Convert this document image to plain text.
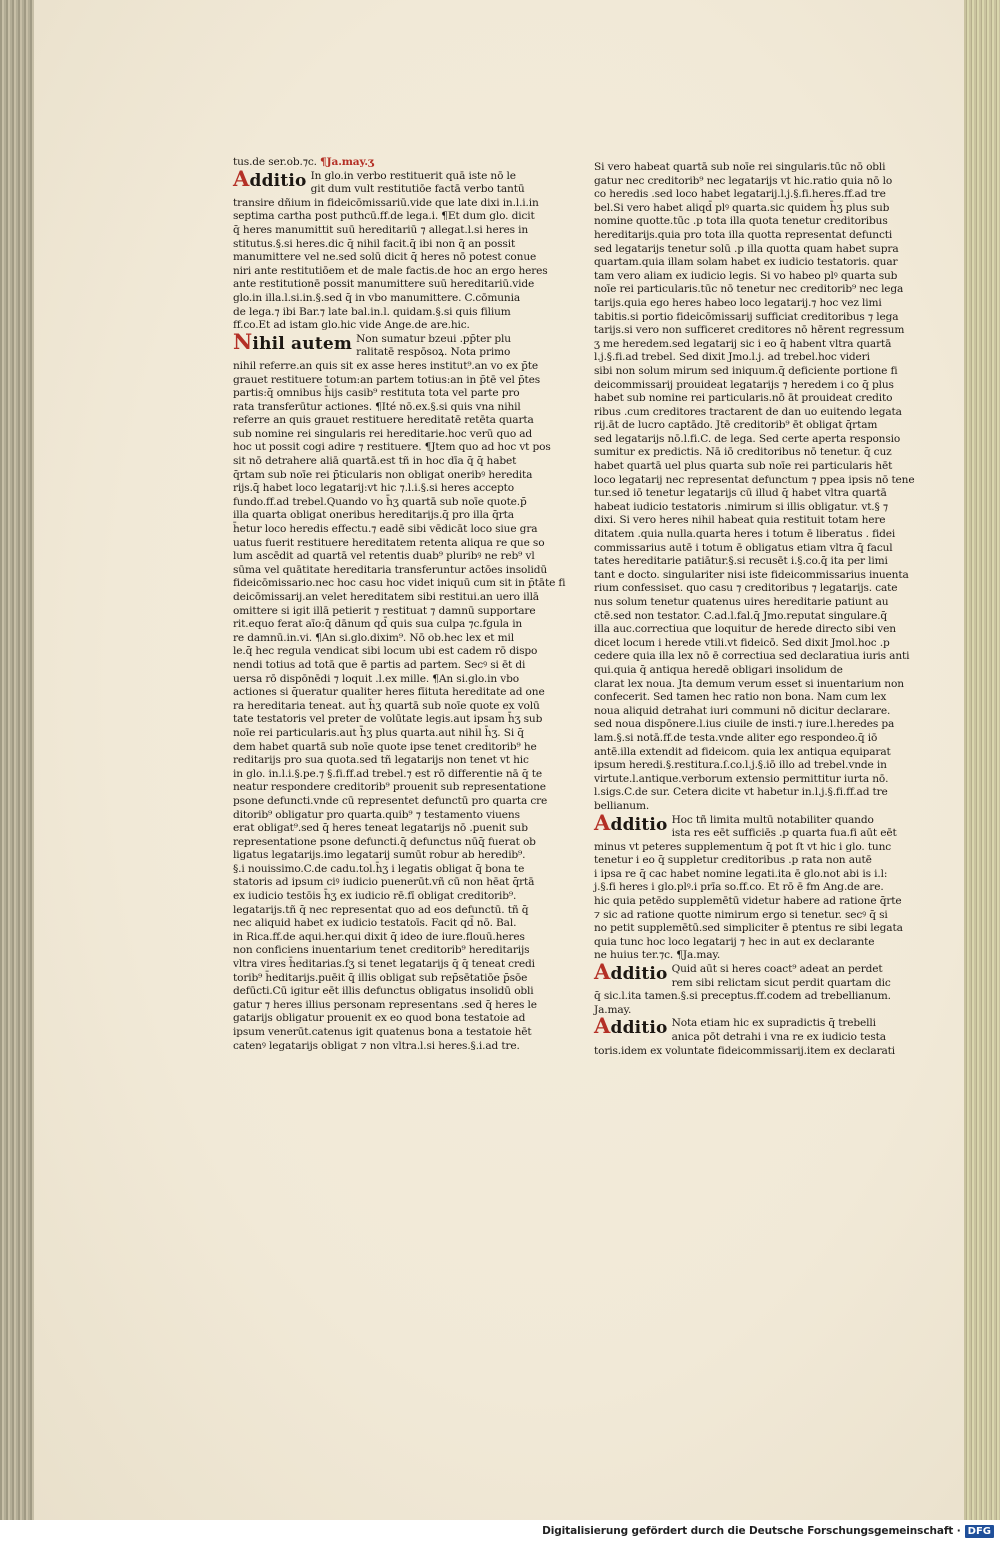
tus.de ser.ob.⁊c. ¶Ja.may.ʒ

Additio In glo.in verbo restituerit quā iste nō le

git dum vult restitutiōe factā verbo tantū

transire dñium in fideicōmissariū.vide que late dixi in.l.i.in

septima cartha post puthcū.ff.de lega.i. ¶Et dum glo. dicit

q̄ heres manumittit suū hereditariū ⁊ allegat.l.si heres in

stitutus.§.si heres.dic q̄ nihil facit.q̄ ibi non q̄ an possit

manumittere vel ne.sed solū dicit q̄ heres nō potest conue

niri ante restitutiōem et de male factis.de hoc an ergo heres

ante restitutionē possit manumittere suū hereditariū.vide

glo.in illa.l.si.in.§.sed q̄ in vbo manumittere. C.cōmunia

de lega.⁊ ibi Bar.⁊ late bal.in.l. quidam.§.si quis filium

ff.co.Et ad istam glo.hic vide Ange.de are.hic.

Nihil autem Non sumatur bzeui .pp̄ter plu

ralitatē respōsoꝝ. Nota primo

nihil referre.an quis sit ex asse heres institut⁹.an vo ex p̄te

grauet restituere totum:an partem totius:an in p̄tē vel p̄tes

partis:q̄ omnibus h̄ijs casib⁹ restituta tota vel parte pro

rata transferūtur actiones. ¶Ité nō.ex.§.si quis vna nihil

referre an quis grauet restituere hereditatē retēta quarta

sub nomine rei singularis rei hereditarie.hoc verū quo ad

hoc ut possit cogi adire ⁊ restituere. ¶Jtem quo ad hoc vt pos

sit nō detrahere aliā quartā.est tñ in hoc dīa q̄ q̄ habet

q̄rtam sub noīe rei p̄ticularis non obligat oneribꝰ heredita

rijs.q̄ habet loco legatarij:vt hic ⁊.l.i.§.si heres accepto

fundo.ff.ad trebel.Quando vo h̄ʒ quartā sub noīe quote.p̄

illa quarta obligat oneribus hereditarijs.q̄ pro illa q̄rta

h̄etur loco heredis effectu.⁊ eadē sibi vēdicāt loco siue gra

uatus fuerit restituere hereditatem retenta aliqua re que so

lum ascēdit ad quartā vel retentis duab⁹ pluribꝰ ne reb⁹ vl

sūma vel quātitate hereditaria transferuntur actōes insolidū

fideicōmissario.nec hoc casu hoc videt iniquū cum sit in p̄tāte fi

deicōmissarij.an velet hereditatem sibi restitui.an uero illā

omittere si igit illā petierit ⁊ restituat ⁊ damnū supportare

rit.equo ferat aīo:q̄ dānum qd̄ quis sua culpa ⁊c.fgula in

re damnū.in.vi. ¶An si.glo.dixim⁹. Nō ob.hec lex et mil

le.q̄ hec regula vendicat sibi locum ubi est cadem rō dispo

nendi totius ad totā que ē partis ad partem. Secꝰ si ēt di

uersa rō dispōnēdi ⁊ loquit .l.ex mille. ¶An si.glo.in vbo

actiones si q̄ueratur qualiter heres fīituta hereditate ad one

ra hereditaria teneat. aut h̄ʒ quartā sub noīe quote ex volū

tate testatoris vel preter de volūtate legis.aut ipsam h̄ʒ sub

noīe rei particularis.aut h̄ʒ plus quarta.aut nihil h̄ʒ. Si q̄

dem habet quartā sub noīe quote ipse tenet creditorib⁹ he

reditarijs pro sua quota.sed tñ legatarijs non tenet vt hic

in glo. in.l.i.§.pe.⁊ §.fi.ff.ad trebel.⁊ est rō differentie nā q̄ te

neatur respondere creditorib⁹ prouenit sub representatione

psone defuncti.vnde cū representet defunctū pro quarta cre

ditorib⁹ obligatur pro quarta.quib⁹ ⁊ testamento viuens

erat obligat⁹.sed q̄ heres teneat legatarijs nō .puenit sub

representatione psone defuncti.q̄ defunctus nūq̄ fuerat ob

ligatus legatarijs.imo legatarij sumūt robur ab heredib⁹.

§.i nouissimo.C.de cadu.tol.h̄ʒ i legatis obligat q̄ bona te

statoris ad ipsum ciꝰ iudicio puenerūt.vñ cū non hēat q̄rtā

ex iudicio testōis h̄ʒ ex iudicio rē.fī obligat creditorib⁹.

legatarijs.tñ q̄ nec representat quo ad eos defunctū. tñ q̄

nec aliquid habet ex iudicio testatoīs. Facit qd̄ nō. Bal.

in Rica.ff.de aqui.her.qui dixit q̄ ideo de iure.flouū.heres

non conficiens inuentarium tenet creditorib⁹ hereditarijs

vltra vires h̄editarias.ſʒ si tenet legatarijs q̄ q̄ teneat credi

torib⁹ h̄editarijs.puēit q̄ illis obligat sub rep̄sētatiōe p̄sōe

defūcti.Cū igitur eēt illis defunctus obligatus insolidū obli

gatur ⁊ heres illius personam representans .sed q̄ heres le

gatarijs obligatur prouenit ex eo quod bona testatoie ad

ipsum venerūt.catenus igit quatenus bona a testatoie hēt

catenꝰ legatarijs obligat ⁊ non vltra.l.si heres.§.i.ad tre.

Si vero habeat quartā sub noīe rei singularis.tūc nō obli

gatur nec creditorib⁹ nec legatarijs vt hic.ratio quia nō lo

co heredis .sed loco habet legatarij.l.j.§.fi.heres.ff.ad tre

bel.Si vero habet aliqd̄ plꝰ quarta.sic quidem h̄ʒ plus sub

nomine quotte.tūc .p tota illa quota tenetur creditoribus

hereditarijs.quia pro tota illa quotta representat defuncti

sed legatarijs tenetur solū .p illa quotta quam habet supra

quartam.quia illam solam habet ex iudicio testatoris. quar

tam vero aliam ex iudicio legis. Si vo habeo plꝰ quarta sub

noīe rei particularis.tūc nō tenetur nec creditorib⁹ nec lega

tarijs.quia ego heres habeo loco legatarij.⁊ hoc vez limi

tabitis.si portio fideicōmissarij sufficiat creditoribus ⁊ lega

tarijs.si vero non sufficeret creditores nō hērent regressum

ʒ me heredem.sed legatarij sic i eo q̄ habent vltra quartā

l.j.§.fi.ad trebel. Sed dixit Jmo.l.j. ad trebel.hoc videri

sibi non solum mirum sed iniquum.q̄ deficiente portione fi

deicommissarij prouideat legatarijs ⁊ heredem i co q̄ plus

habet sub nomine rei particularis.nō āt prouideat credito

ribus .cum creditores tractarent de dan uo euitendo legata

rij.āt de lucro captādo. Jtē creditorib⁹ ēt obligat q̄rtam

sed legatarijs nō.l.fi.C. de lega. Sed certe aperta responsio

sumitur ex predictis. Nā iō creditoribus nō tenetur. q̄ cuz

habet quartā uel plus quarta sub noīe rei particularis hēt

loco legatarij nec representat defunctum ⁊ ppea ipsis nō tene

tur.sed iō tenetur legatarijs cū illud q̄ habet vltra quartā

habeat iudicio testatoris .nimirum si illis obligatur. vt.§ ⁊

dixi. Si vero heres nihil habeat quia restituit totam here

ditatem .quia nulla.quarta heres i totum ē liberatus . fidei

commissarius autē i totum ē obligatus etiam vltra q̄ facul

tates hereditarie patiātur.§.si recusēt i.§.co.q̄ ita per limi

tant e docto. singulariter nisi iste fideicommissarius inuenta

rium confessiset. quo casu ⁊ creditoribus ⁊ legatarijs. cate

nus solum tenetur quatenus uires hereditarie patiunt au

ctē.sed non testator. C.ad.l.fal.q̄ Jmo.reputat singulare.q̄

illa auc.correctiua que loquitur de herede directo sibi ven

dicet locum i herede vtili.vt fideicō. Sed dixit Jmol.hoc .p

cedere quia illa lex nō ē correctiua sed declaratiua iuris anti

qui.quia q̄ antiqua heredē obligari insolidum de

clarat lex noua. Jta demum verum esset si inuentarium non

confecerit. Sed tamen hec ratio non bona. Nam cum lex

noua aliquid detrahat iuri communi nō dicitur declarare.

sed noua dispōnere.l.ius ciuile de insti.⁊ iure.l.heredes pa

lam.§.si notā.ff.de testa.vnde aliter ego respondeo.q̄ iō

antē.illa extendit ad fideicom. quia lex antiqua equiparat

ipsum heredi.§.restitura.ſ.co.l.j.§.iō illo ad trebel.vnde in

virtute.l.antique.verborum extensio permittitur iurta nō.

l.sigs.C.de sur. Cetera dicite vt habetur in.l.j.§.fi.ff.ad tre

bellianum.

Additio Hoc tñ limita multū notabiliter quando

ista res eēt sufficiēs .p quarta fua.fi aūt eēt

minus vt peteres supplementum q̄ pot ſt vt hic i glo. tunc

tenetur i eo q̄ suppletur creditoribus .p rata non autē

i ipsa re q̄ cac habet nomine legati.ita ē glo.not abi is i.l:

j.§.fi heres i glo.plꝰ.i prīa so.ff.co. Et rō ē fm Ang.de are.

hic quia petēdo supplemētū videtur habere ad ratione q̄rte

⁊ sic ad ratione quotte nimirum ergo si tenetur. secꝰ q̄ si

no petit supplemētū.sed simpliciter ē ptentus re sibi legata

quia tunc hoc loco legatarij ⁊ hec in aut ex declarante

ne huius ter.⁊c. ¶Ja.may.

Additio Quid aūt si heres coact⁹ adeat an perdet

rem sibi relictam sicut perdit quartam dic

q̄ sic.l.ita tamen.§.si preceptus.ff.codem ad trebellianum.

Ja.may.

Additio Nota etiam hic ex supradictis q̄ trebelli

anica pōt detrahi i vna re ex iudicio testa

toris.idem ex voluntate fideicommissarij.item ex declarati

Digitalisierung gefördert durch die Deutsche Forschungsgemeinschaft · DFG
